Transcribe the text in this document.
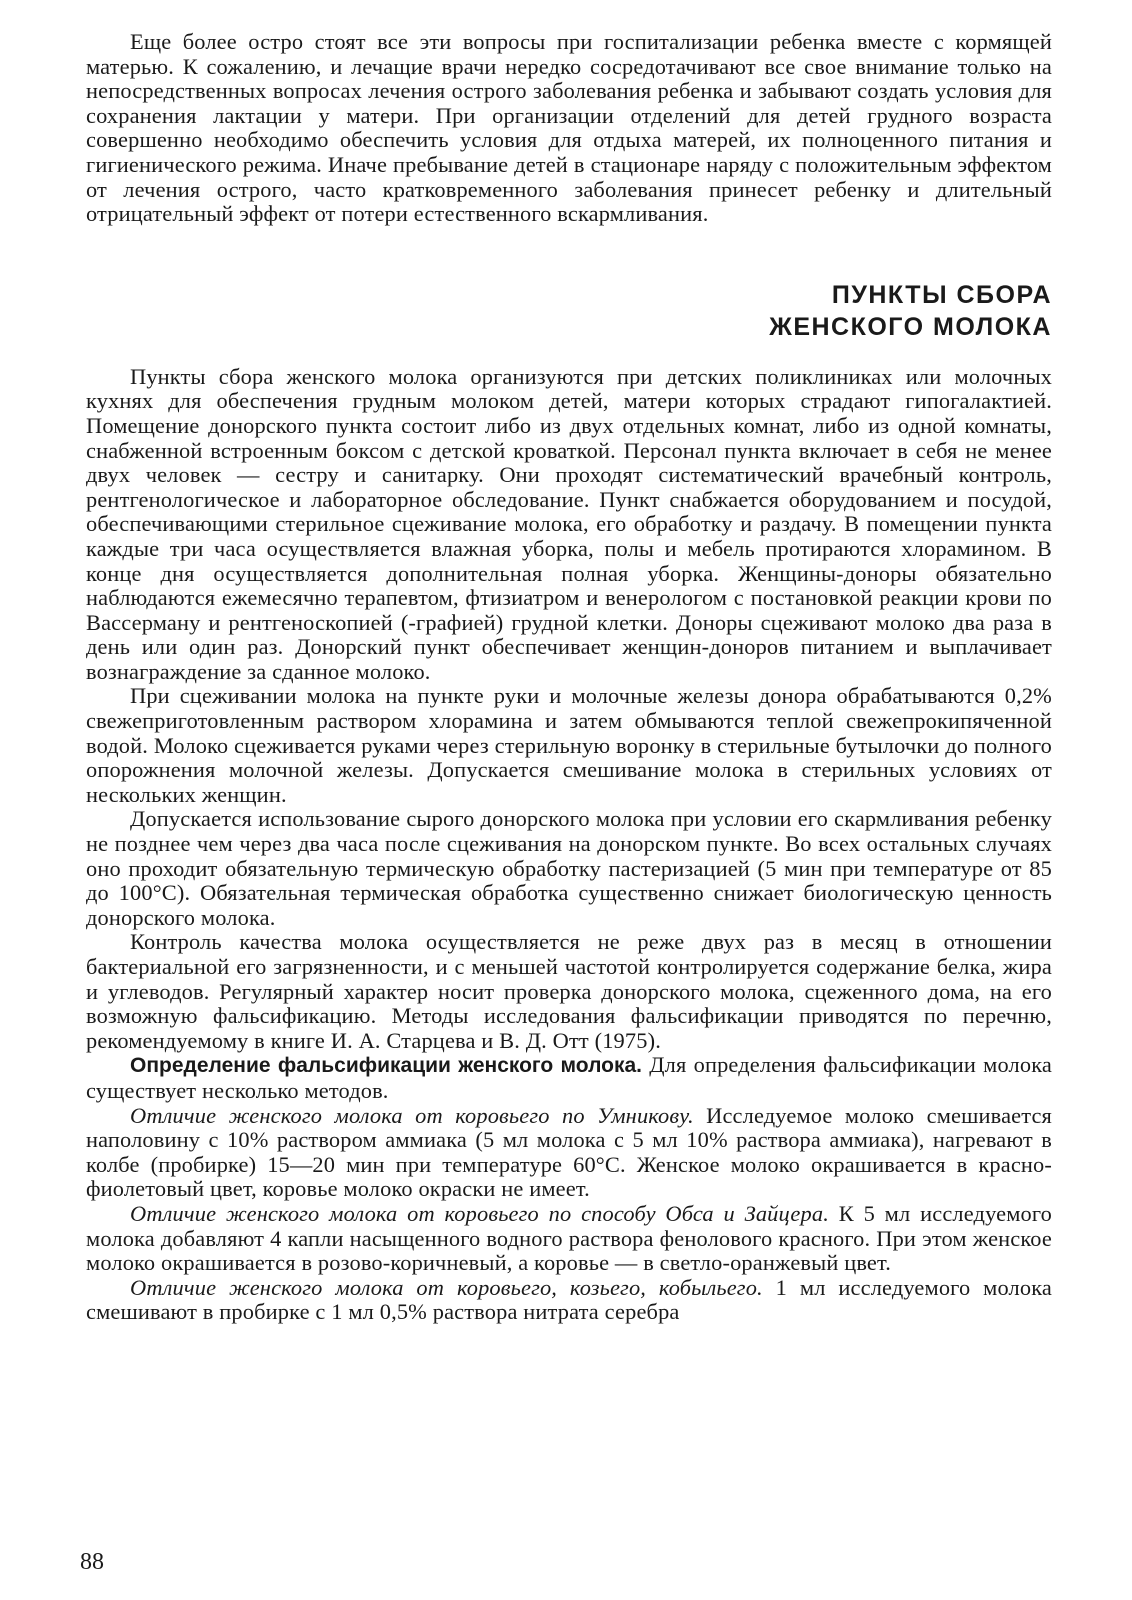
Еще более остро стоят все эти вопросы при госпитализации ребенка вместе с кормящей матерью. К сожалению, и лечащие врачи нередко сосредотачивают все свое внимание только на непосредственных вопросах лечения острого заболевания ребенка и забывают создать условия для сохранения лактации у матери. При организации отделений для детей грудного возраста совершенно необходимо обеспечить условия для отдыха матерей, их полноценного питания и гигиенического режима. Иначе пребывание детей в стационаре наряду с положительным эффектом от лечения острого, часто кратковременного заболевания принесет ребенку и длительный отрицательный эффект от потери естественного вскармливания.

ПУНКТЫ СБОРА
ЖЕНСКОГО МОЛОКА

Пункты сбора женского молока организуются при детских поликлиниках или молочных кухнях для обеспечения грудным молоком детей, матери которых страдают гипогалактией. Помещение донорского пункта состоит либо из двух отдельных комнат, либо из одной комнаты, снабженной встроенным боксом с детской кроваткой. Персонал пункта включает в себя не менее двух человек — сестру и санитарку. Они проходят систематический врачебный контроль, рентгенологическое и лабораторное обследование. Пункт снабжается оборудованием и посудой, обеспечивающими стерильное сцеживание молока, его обработку и раздачу. В помещении пункта каждые три часа осуществляется влажная уборка, полы и мебель протираются хлорамином. В конце дня осуществляется дополнительная полная уборка. Женщины-доноры обязательно наблюдаются ежемесячно терапевтом, фтизиатром и венерологом с постановкой реакции крови по Вассерману и рентгеноскопией (-графией) грудной клетки. Доноры сцеживают молоко два раза в день или один раз. Донорский пункт обеспечивает женщин-доноров питанием и выплачивает вознаграждение за сданное молоко.

При сцеживании молока на пункте руки и молочные железы донора обрабатываются 0,2% свежеприготовленным раствором хлорамина и затем обмываются теплой свежепрокипяченной водой. Молоко сцеживается руками через стерильную воронку в стерильные бутылочки до полного опорожнения молочной железы. Допускается смешивание молока в стерильных условиях от нескольких женщин.

Допускается использование сырого донорского молока при условии его скармливания ребенку не позднее чем через два часа после сцеживания на донорском пункте. Во всех остальных случаях оно проходит обязательную термическую обработку пастеризацией (5 мин при температуре от 85 до 100°С). Обязательная термическая обработка существенно снижает биологическую ценность донорского молока.

Контроль качества молока осуществляется не реже двух раз в месяц в отношении бактериальной его загрязненности, и с меньшей частотой контролируется содержание белка, жира и углеводов. Регулярный характер носит проверка донорского молока, сцеженного дома, на его возможную фальсификацию. Методы исследования фальсификации приводятся по перечню, рекомендуемому в книге И. А. Старцева и В. Д. Отт (1975).

Определение фальсификации женского молока. Для определения фальсификации молока существует несколько методов.

Отличие женского молока от коровьего по Умникову. Исследуемое молоко смешивается наполовину с 10% раствором аммиака (5 мл молока с 5 мл 10% раствора аммиака), нагревают в колбе (пробирке) 15—20 мин при температуре 60°С. Женское молоко окрашивается в красно-фиолетовый цвет, коровье молоко окраски не имеет.

Отличие женского молока от коровьего по способу Обса и Зайцера. К 5 мл исследуемого молока добавляют 4 капли насыщенного водного раствора фенолового красного. При этом женское молоко окрашивается в розово-коричневый, а коровье — в светло-оранжевый цвет.

Отличие женского молока от коровьего, козьего, кобыльего. 1 мл исследуемого молока смешивают в пробирке с 1 мл 0,5% раствора нитрата серебра

88
